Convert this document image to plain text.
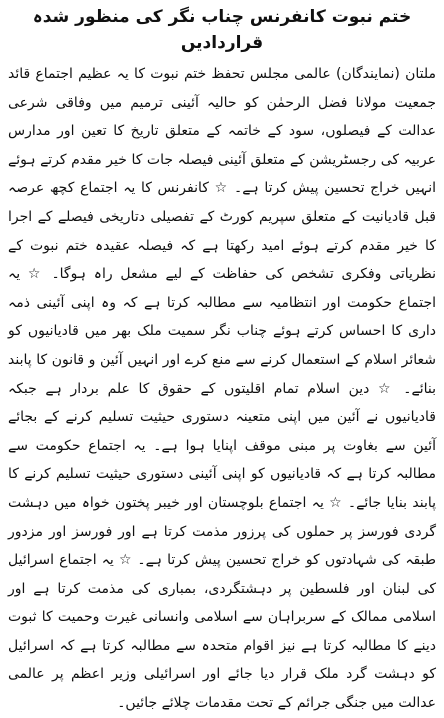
ختم نبوت کانفرنس چناب نگر کی منظور شدہ قراردادیں

ملتان (نمایندگان) عالمی مجلس تحفظ ختم نبوت کا یہ عظیم اجتماع قائد جمعیت مولانا فضل الرحمٰن کو حالیہ آئینی ترمیم میں وفاقی شرعی عدالت کے فیصلوں، سود کے خاتمہ کے متعلق تاریخ کا تعین اور مدارس عربیہ کی رجسٹریشن کے متعلق آئینی فیصلہ جات کا خیر مقدم کرتے ہوئے انہیں خراج تحسین پیش کرتا ہے۔ ☆ کانفرنس کا یہ اجتماع کچھ عرصہ قبل قادیانیت کے متعلق سپریم کورٹ کے تفصیلی دتاریخی فیصلے کے اجرا کا خیر مقدم کرتے ہوئے امید رکھتا ہے کہ فیصلہ عقیدہ ختم نبوت کے نظریاتی وفکری تشخص کی حفاظت کے لیے مشعل راہ ہوگا۔ ☆ یہ اجتماع حکومت اور انتظامیہ سے مطالبہ کرتا ہے کہ وہ اپنی آئینی ذمہ داری کا احساس کرتے ہوئے چناب نگر سمیت ملک بھر میں قادیانیوں کو شعائر اسلام کے استعمال کرنے سے منع کرے اور انہیں آئین و قانون کا پابند بنائے۔ ☆ دین اسلام تمام اقلیتوں کے حقوق کا علم بردار ہے جبکہ قادیانیوں نے آئین میں اپنی متعینہ دستوری حیثیت تسلیم کرنے کے بجائے آئین سے بغاوت پر مبنی موقف اپنایا ہوا ہے۔ یہ اجتماع حکومت سے مطالبہ کرتا ہے کہ قادیانیوں کو اپنی آئینی دستوری حیثیت تسلیم کرنے کا پابند بنایا جائے۔ ☆ یہ اجتماع بلوچستان اور خیبر پختون خواہ میں دہشت گردی فورسز پر حملوں کی پرزور مذمت کرتا ہے اور فورسز اور مزدور طبقہ کی شہادتوں کو خراج تحسین پیش کرتا ہے۔ ☆ یہ اجتماع اسرائیل کی لبنان اور فلسطین پر دہشتگردی، بمباری کی مذمت کرتا ہے اور اسلامی ممالک کے سربراہان سے اسلامی وانسانی غیرت وحمیت کا ثبوت دینے کا مطالبہ کرتا ہے نیز اقوام متحدہ سے مطالبہ کرتا ہے کہ اسرائیل کو دہشت گرد ملک قرار دیا جائے اور اسرائیلی وزیر اعظم پر عالمی عدالت میں جنگی جرائم کے تحت مقدمات چلائے جائیں۔
